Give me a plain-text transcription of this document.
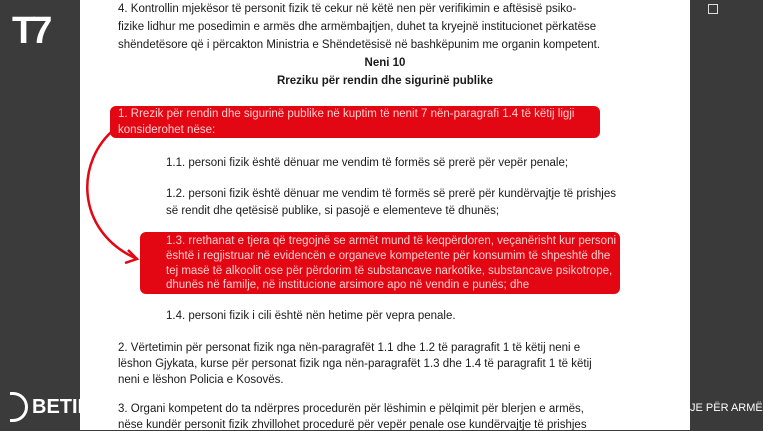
4. Kontrollin mjekësor të personit fizik të cekur në këtë nen për verifikimin e aftësisë psiko-
fizike lidhur me posedimin e armës dhe armëmbajtjen, duhet ta kryejnë institucionet përkatëse
shëndetësore që i përcakton Ministria e Shëndetësisë në bashkëpunim me organin kompetent.
Neni 10
Rreziku për rendin dhe sigurinë publike
1. Rrezik për rendin dhe sigurinë publike në kuptim të nenit 7 nën-paragrafi 1.4 të këtij ligji
konsiderohet nëse:
1.1. personi fizik është dënuar me vendim të formës së prerë për vepër penale;
1.2. personi fizik është dënuar me vendim të formës së prerë për kundërvajtje të prishjes
së rendit dhe qetësisë publike, si pasojë e elementeve të dhunës;
1.3. rrethanat e tjera që tregojnë se armët mund të keqpërdoren, veçanërisht kur personi
është i regjistruar në evidencën e organeve kompetente për konsumim të shpeshtë dhe
tej masë të alkoolit ose për përdorim të substancave narkotike, substancave psikotrope,
dhunës në familje, në institucione arsimore apo në vendin e punës; dhe
1.4. personi fizik i cili është nën hetime për vepra penale.
2. Vërtetimin për personat fizik nga nën-paragrafët 1.1 dhe 1.2 të paragrafit 1 të këtij neni e
lëshon Gjykata, kurse për personat fizik nga nën-paragrafët 1.3 dhe 1.4 të paragrafit 1 të këtij
neni e lëshon Policia e Kosovës.
3. Organi kompetent do ta ndërpres procedurën për lëshimin e pëlqimit për blerjen e armës,
nëse kundër personit fizik zhvillohet procedurë për vepër penale ose kundërvajtje të prishjes
T7
BETIMI	JE PËR ARMË
